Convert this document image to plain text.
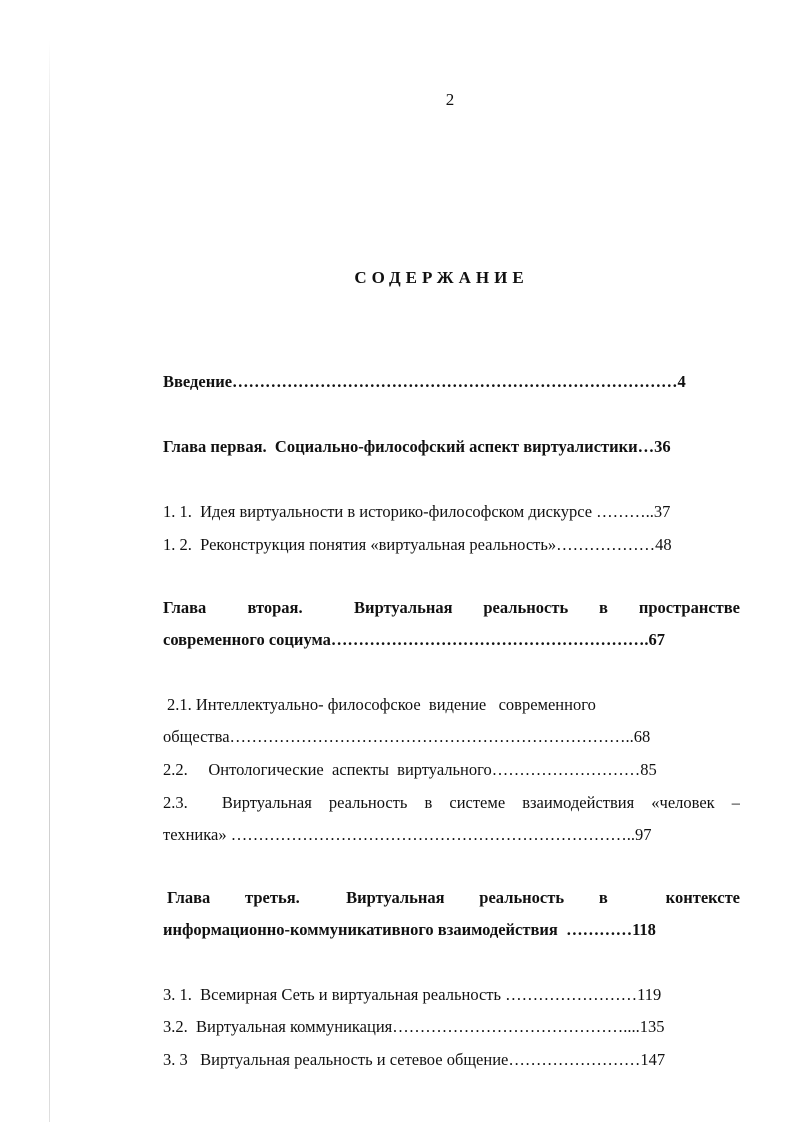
2
СОДЕРЖАНИЕ
Введение………………………………………………………………………4
Глава первая.  Социально-философский аспект виртуалистики…36
1. 1.  Идея виртуальности в историко-философском дискурсе ………..37
1. 2.  Реконструкция понятия «виртуальная реальность»………………48
Глава    вторая.     Виртуальная   реальность   в   пространстве
современного социума………………………………………………….67
2.1. Интеллектуально- философское  видение   современного
общества………………………………………………………………..68
2.2.     Онтологические  аспекты  виртуального………………………85
2.3.  Виртуальная реальность в системе взаимодействия «человек –
техника» ………………………………………………………………..97
Глава   третья.    Виртуальная   реальность   в     контексте
информационно-коммуникативного взаимодействия  …………118
3. 1.  Всемирная Сеть и виртуальная реальность ……………………119
3.2.  Виртуальная коммуникация……………………………………....135
3. 3   Виртуальная реальность и сетевое общение……………………147
